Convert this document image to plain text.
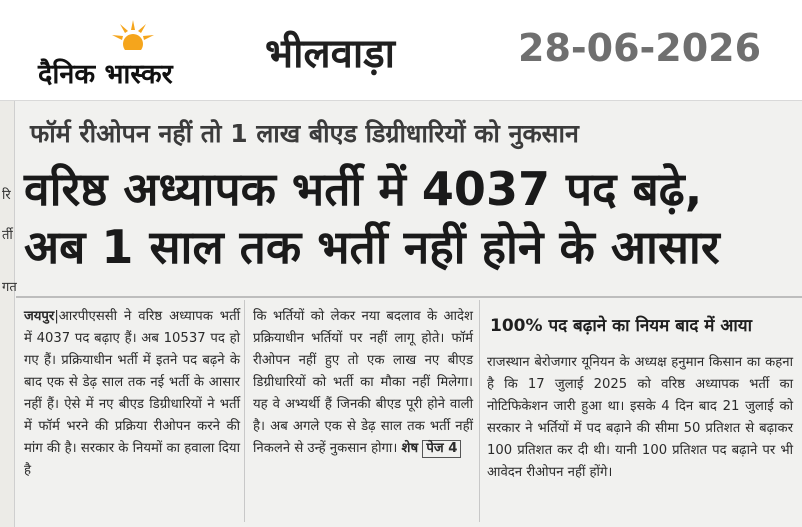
दैनिक भास्कर भीलवाड़ा	28-06-2026
रि
र्ती
गत
फॉर्म रीओपन नहीं तो 1 लाख बीएड डिग्रीधारियों को नुकसान
वरिष्ठ अध्यापक भर्ती में 4037 पद बढ़े,
अब 1 साल तक भर्ती नहीं होने के आसार
जयपुर|आरपीएससी ने वरिष्ठ अध्यापक भर्ती में 4037 पद बढ़ाए हैं। अब 10537 पद हो गए हैं। प्रक्रियाधीन भर्ती में इतने पद बढ़ने के बाद एक से डेढ़ साल तक नई भर्ती के आसार नहीं हैं। ऐसे में नए बीएड डिग्रीधारियों ने भर्ती में फॉर्म भरने की प्रक्रिया रीओपन करने की मांग की है। सरकार के नियमों का हवाला दिया है
कि भर्तियों को लेकर नया बदलाव के आदेश प्रक्रियाधीन भर्तियों पर नहीं लागू होते। फॉर्म रीओपन नहीं हुए तो एक लाख नए बीएड डिग्रीधारियों को भर्ती का मौका नहीं मिलेगा। यह वे अभ्यर्थी हैं जिनकी बीएड पूरी होने वाली है। अब अगले एक से डेढ़ साल तक भर्ती नहीं निकलने से उन्हें नुकसान होगा। शेष पेज 4
100% पद बढ़ाने का नियम बाद में आया
राजस्थान बेरोजगार यूनियन के अध्यक्ष हनुमान किसान का कहना है कि 17 जुलाई 2025 को वरिष्ठ अध्यापक भर्ती का नोटिफिकेशन जारी हुआ था। इसके 4 दिन बाद 21 जुलाई को सरकार ने भर्तियों में पद बढ़ाने की सीमा 50 प्रतिशत से बढ़ाकर 100 प्रतिशत कर दी थी। यानी 100 प्रतिशत पद बढ़ाने पर भी आवेदन रीओपन नहीं होंगे।
